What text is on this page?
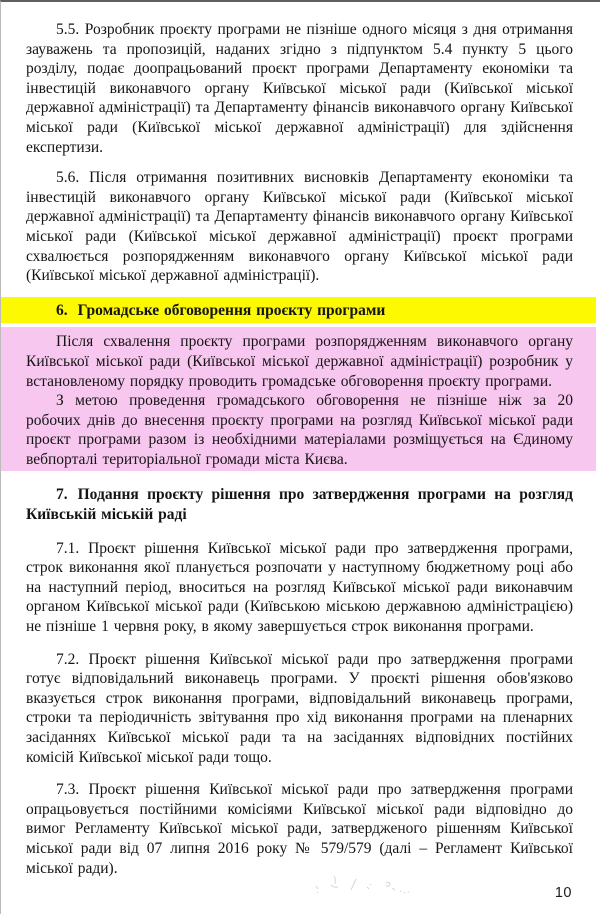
5.5. Розробник проєкту програми не пізніше одного місяця з дня отримання зауважень та пропозицій, наданих згідно з підпунктом 5.4 пункту 5 цього розділу, подає доопрацьований проєкт програми Департаменту економіки та інвестицій виконавчого органу Київської міської ради (Київської міської державної адміністрації) та Департаменту фінансів виконавчого органу Київської міської ради (Київської міської державної адміністрації) для здійснення експертизи.

5.6. Після отримання позитивних висновків Департаменту економіки та інвестицій виконавчого органу Київської міської ради (Київської міської державної адміністрації) та Департаменту фінансів виконавчого органу Київської міської ради (Київської міської державної адміністрації) проєкт програми схвалюється розпорядженням виконавчого органу Київської міської ради (Київської міської державної адміністрації).

6. Громадське обговорення проєкту програми

Після схвалення проєкту програми розпорядженням виконавчого органу Київської міської ради (Київської міської державної адміністрації) розробник у встановленому порядку проводить громадське обговорення проєкту програми.

З метою проведення громадського обговорення не пізніше ніж за 20 робочих днів до внесення проєкту програми на розгляд Київської міської ради проєкт програми разом із необхідними матеріалами розміщується на Єдиному вебпорталі територіальної громади міста Києва.

7. Подання проєкту рішення про затвердження програми на розгляд Київській міській раді

7.1. Проєкт рішення Київської міської ради про затвердження програми, строк виконання якої планується розпочати у наступному бюджетному році або на наступний період, вноситься на розгляд Київської міської ради виконавчим органом Київської міської ради (Київською міською державною адміністрацією) не пізніше 1 червня року, в якому завершується строк виконання програми.

7.2. Проєкт рішення Київської міської ради про затвердження програми готує відповідальний виконавець програми. У проєкті рішення обов'язково вказується строк виконання програми, відповідальний виконавець програми, строки та періодичність звітування про хід виконання програми на пленарних засіданнях Київської міської ради та на засіданнях відповідних постійних комісій Київської міської ради тощо.

7.3. Проєкт рішення Київської міської ради про затвердження програми опрацьовується постійними комісіями Київської міської ради відповідно до вимог Регламенту Київської міської ради, затвердженого рішенням Київської міської ради від 07 липня 2016 року № 579/579 (далі – Регламент Київської міської ради).

10
